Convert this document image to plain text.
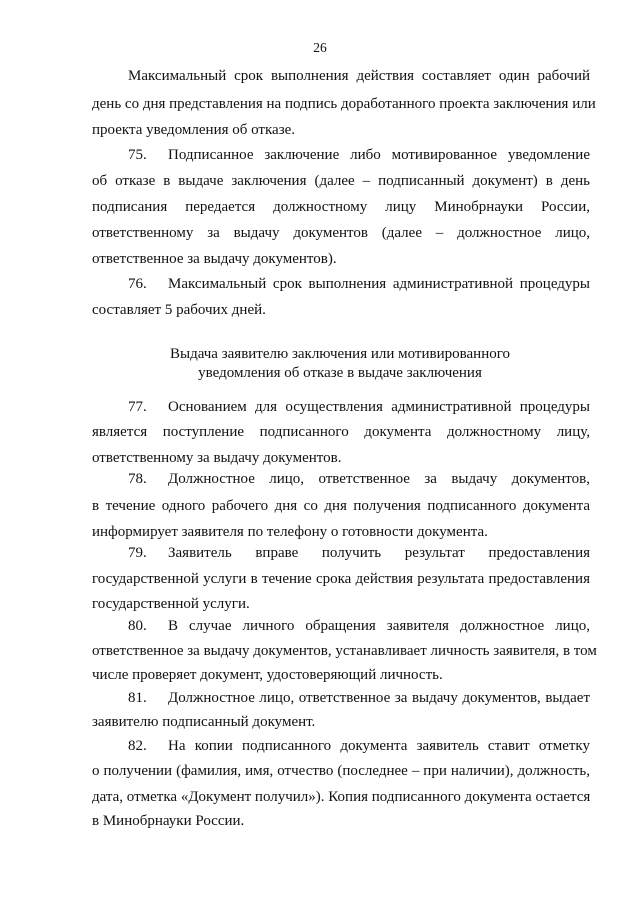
26
Максимальный срок выполнения действия составляет один рабочий
день со дня представления на подпись доработанного проекта заключения или
проекта уведомления об отказе.
75. Подписанное заключение либо мотивированное уведомление
об отказе в выдаче заключения (далее – подписанный документ) в день
подписания передается должностному лицу Минобрнауки России,
ответственному за выдачу документов (далее – должностное лицо,
ответственное за выдачу документов).
76. Максимальный срок выполнения административной процедуры
составляет 5 рабочих дней.
Выдача заявителю заключения или мотивированного
уведомления об отказе в выдаче заключения
77. Основанием для осуществления административной процедуры
является поступление подписанного документа должностному лицу,
ответственному за выдачу документов.
78. Должностное лицо, ответственное за выдачу документов,
в течение одного рабочего дня со дня получения подписанного документа
информирует заявителя по телефону о готовности документа.
79. Заявитель вправе получить результат предоставления
государственной услуги в течение срока действия результата предоставления
государственной услуги.
80. В случае личного обращения заявителя должностное лицо,
ответственное за выдачу документов, устанавливает личность заявителя, в том
числе проверяет документ, удостоверяющий личность.
81. Должностное лицо, ответственное за выдачу документов, выдает
заявителю подписанный документ.
82. На копии подписанного документа заявитель ставит отметку
о получении (фамилия, имя, отчество (последнее – при наличии), должность,
дата, отметка «Документ получил»). Копия подписанного документа остается
в Минобрнауки России.
